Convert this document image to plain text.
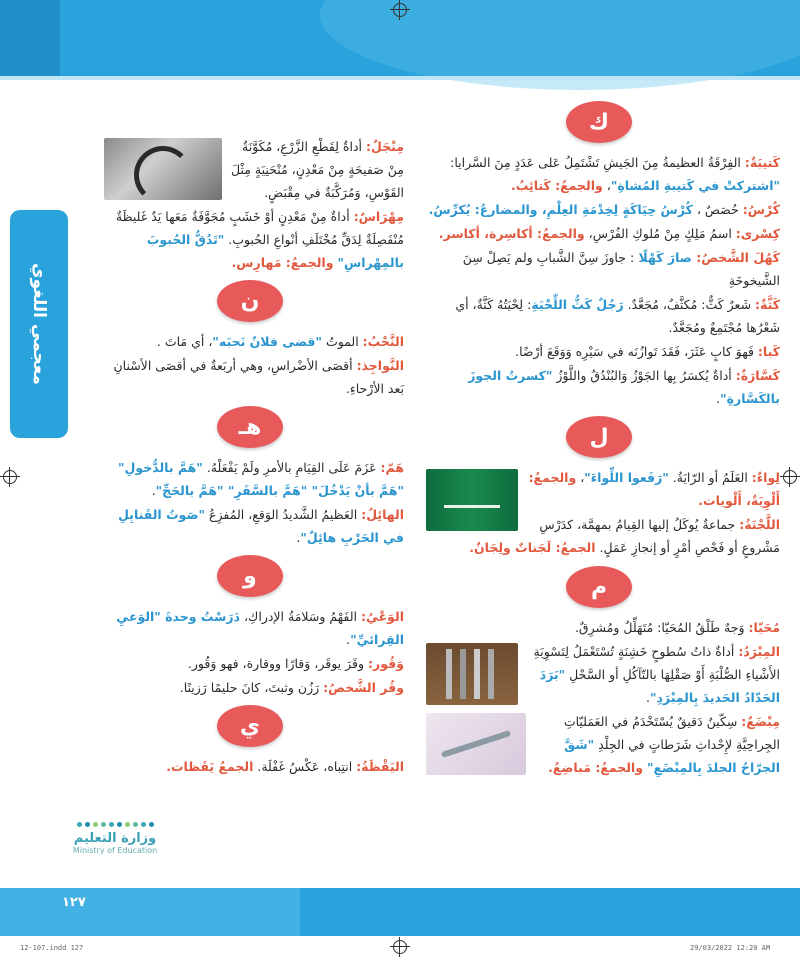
معجمي اللغوي
ك

كَتيبَةٌ: الفِرْقَةُ العظيمةُ مِنَ الجَيشِ تَشْتَمِلُ عَلى عَدَدٍ مِنَ السَّرايا: "اشتركتْ في كَتيبةِ المُشاةِ"، والجمعُ: كَتائِبُ.

كُرْسُ: حُصَصٌ ، كُرْسُ حِيَاكَةٍ لِخِدْمَةِ العِلْمِ، والمضارعُ: يُكرِّسُ.

كِسْرى: اسمُ مَلِكٍ مِنْ مُلوكِ الفُرْسِ، والجمعُ: أكاسِرة، أكاسر.

كَهُلَ الشَّخصُ: صارَ كَهْلًا : جاوزَ سِنَّ الشَّبابِ ولم يَصِلْ سِنَ الشَّيخوخَةِ

كَثَّةٌ: شَعرٌ كَثٌّ: مُكثَّفٌ، مُجَعَّدٌ. رَجُلٌ كَثُّ اللِّحْيَةِ: لِحْيَتُهُ كَثَّةٌ، أي شَعْرُها مُجْتَمِعٌ ومُجَعَّدٌ.

كَبا: فَهوَ كابٍ عَثَرَ، فَقَدَ تَوازُنَه في سَيْرِه وَوَقَعَ أرْضًا.

كَسَّارَةٌ: أداةٌ يُكسَرُ بِها الجَوْزُ وَالبُنْدُقُ واللَّوْزُ "كسرتُ الجوزَ بالكَسَّارةِ".

ل

لِواءٌ: العَلَمُ أو الرّايَةُ. "رَفَعوا اللِّواءَ"، والجمعُ: أَلْوِيَةٌ، أَلْويات.

اللَّجْنَةُ: جماعةٌ يُوكَلُ إليها القِيامُ بمهمَّة، كدَرْسِ مَشْروعٍ أو فَحْصِ أمْرٍ أو إنجازِ عَمَلٍ. الجمعُ: لَجَناتٌ ولِجَانٌ.

م

مُحَيّا: وَجهٌ طَلْقُ المُحَيّا: مُتَهَلِّلٌ ومُشرِقٌ.

المِبْرَدُ: أداةٌ ذاتُ سُطوحٍ خَشِنَةٍ تُسْتَعْمَلُ لِتَسْوِيَةِ الأَشْياءِ الصُّلْبَةِ أَوْ صَقْلِهَا بالتّآكُلِ أو السَّحْلِ "بَرَدَ الحَدّادُ الحَديدَ بِالمِبْرَدِ".

مِبْضَعٌ: سِكّينٌ دَقيقٌ يُسْتَخْدَمُ في العَمَليّاتِ الجِراحِيَّةِ لإِحْداثِ شَرَطاتٍ في الجِلْدِ "شَقَّ الجرّاحُ الجلدَ بِالمِبْضَعِ" والجمعُ: مَباضِعُ.

مِنْجَلٌ: أداةٌ لِقَطْعِ الزَّرْعِ، مُكَوَّنَةٌ مِنْ صَفيحَةٍ مِنْ مَعْدِنٍ، مُنْحَنِيَةٍ مِثْلَ القَوْسِ، وَمُرَكَّبَةٌ في مِقْبَضٍ.

مِهْرَاسٌ: أداةٌ مِنْ مَعْدِنٍ أوْ خَشَبٍ مُجَوَّفَةٌ مَعَها يَدٌ غَليظَةٌ مُنْفَصِلَةٌ لِدَقِّ مُخْتَلَفِ أنْواعِ الحُبوبِ. "تَدُقُّ الحُبوبَ بالمِهْراسِ" والجمعُ: مَهارِس.

ن

النَّحْبُ: الموتُ "قضى فلانٌ نَحبَه"، أي مَاتَ .

النَّواجِذ: أقصَى الأضْراسِ، وهي أربَعةٌ في أقصَى الأسْنانِ بَعد الأرْحاءِ.

هـ

هَمّ: عَزَمَ عَلَى القِيَامِ بالأمرِ ولَمْ يَفْعَلْهُ. "هَمَّ بالدُّخولِ" "هَمَّ بأنْ يَدْخُلَ" "هَمَّ بالسَّفَرِ" "هَمَّ بالحَجِّ".

الهائِلُ: العَظيمُ الشَّديدُ الوَقعِ، المُفزِعُ "صَوتُ القَنابِلِ في الحَرْبِ هائِلٌ".

و

الوَعْيُ: الفَهْمُ وسَلامَةُ الإدراكِ، دَرَسْتُ وحدةَ "الوَعيِ القِرائيِّ".

وَقُور: وقَرَ يوقَر، وَقارًا ووقارة، فهو وَقُور.

وقُر الشَّخصُ: رَزُن وثبتَ، كانَ حليمًا رَزينًا.

ي

اليَقْظَةُ: انتِباه، عَكْسُ غَفْلَة. الجمعُ يَقَظات.

وزارة التعليم
Ministry of Education
١٢٧
12-107.indd 127	29/03/2022 12:20 AM
